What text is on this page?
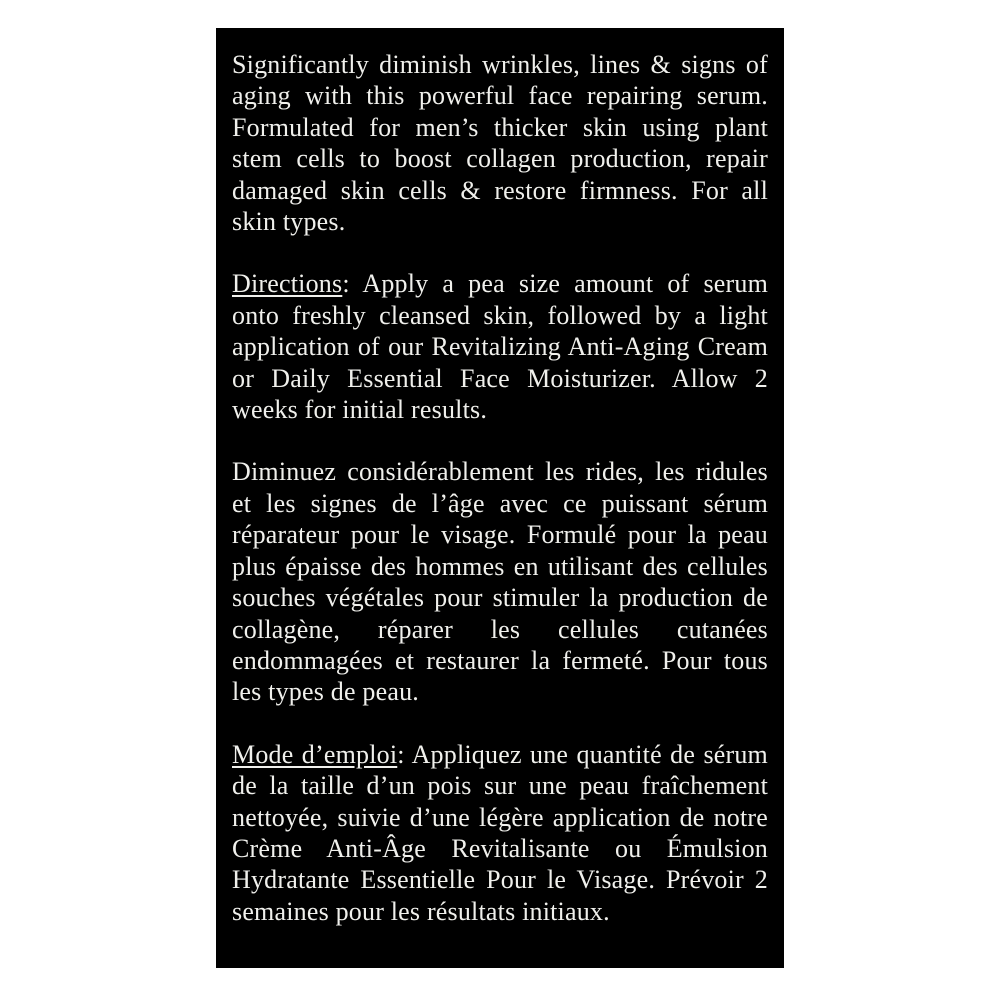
Significantly diminish wrinkles, lines & signs of aging with this powerful face repairing serum. Formulated for men’s thicker skin using plant stem cells to boost collagen production, repair damaged skin cells & restore firmness. For all skin types.

Directions: Apply a pea size amount of serum onto freshly cleansed skin, followed by a light application of our Revitalizing Anti-Aging Cream or Daily Essential Face Moisturizer. Allow 2 weeks for initial results.

Diminuez considérablement les rides, les ridules et les signes de l’âge avec ce puissant sérum réparateur pour le visage. Formulé pour la peau plus épaisse des hommes en utilisant des cellules souches végétales pour stimuler la production de collagène, réparer les cellules cutanées endommagées et restaurer la fermeté. Pour tous les types de peau.

Mode d’emploi: Appliquez une quantité de sérum de la taille d’un pois sur une peau fraîchement nettoyée, suivie d’une légère application de notre Crème Anti-Âge Revitalisante ou Émulsion Hydratante Essentielle Pour le Visage. Prévoir 2 semaines pour les résultats initiaux.
